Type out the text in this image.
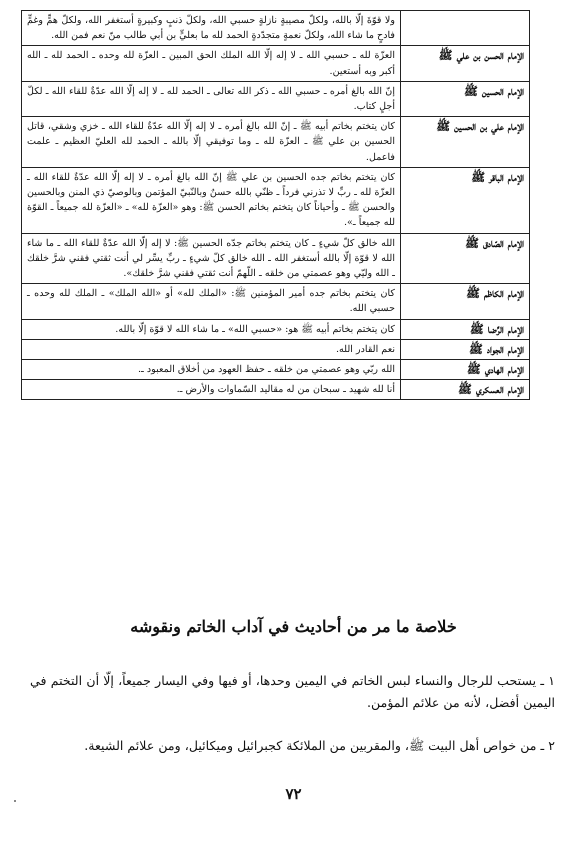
	ولا قوّةَ إلّا بالله، ولكلّ مصيبةٍ نازلةٍ حسبي الله، ولكلّ ذنبٍ وكبيرةٍ أستغفر الله، ولكلّ همٍّ وغمٍّ فادحٍ ما شاء الله، ولكلّ نعمةٍ متجدّدةٍ الحمد لله ما بعليٍّ بن أبي طالب منّ نعم فمن الله.
الإمام الحسن بن علي ﷺ	العزّة لله ـ حسبي الله ـ لا إله إلّا الله الملك الحق المبين ـ العزّة لله وحده ـ الحمد لله ـ الله أكبر وبه أستعين.
الإمام الحسين ﷺ	إنّ الله بالغ أمره ـ حسبي الله ـ ذكر الله تعالى ـ الحمد لله ـ لا إله إلّا الله عدّةٌ للقاء الله ـ لكلّ أجلٍ كتاب.
الإمام علي بن الحسين ﷺ	كان يتختم بخاتم أبيه ﷺ ـ إنّ الله بالغ أمره ـ لا إله إلّا الله عدّةٌ للقاء الله ـ خزي وشقي، قاتل الحسين بن علي ﷺ ـ العزّة لله ـ وما توفيقي إلّا بالله ـ الحمد لله العليّ العظيم ـ علمت فاعمل.
الإمام الباقر ﷺ	كان يتختم بخاتم جده الحسين بن علي ﷺ إنّ الله بالغ أمره ـ لا إله إلّا الله عدّةٌ للقاء الله ـ العزّة لله ـ ربِّ لا تذرني فرداً ـ ظنّي بالله حسنٌ وبالنّبيّ المؤتمن وبالوصيّ ذي المنن وبالحسين والحسن ﷺ ـ وأحياناً كان يتختم بخاتم الحسن ﷺ: وهو «العزّة لله» ـ «العزّة لله جميعاً ـ القوّة لله جميعاً ـ».
الإمام الصّادق ﷺ	الله خالق كلّ شيءٍ ـ كان يتختم بخاتم جدّه الحسين ﷺ: لا إله إلّا الله عدّةٌ للقاء الله ـ ما شاء الله لا قوّة إلّا بالله أستغفر الله ـ الله خالق كلّ شيءٍ ـ ربِّ يسِّر لي أنت ثقتي فقني شرَّ خلقك ـ الله وليّي وهو عصمتي من خلقه ـ اللّهمّ أنت ثقتي فقني شرَّ خلقك».
الإمام الكاظم ﷺ	كان يتختم بخاتم جده أمير المؤمنين ﷺ: «الملك لله» أو «الله الملك» ـ الملك لله وحده ـ حسبي الله.
الإمام الرِّضا ﷺ	كان يتختم بخاتم أبيه ﷺ هو: «حسبي الله» ـ ما شاء الله لا قوّة إلّا بالله.
الإمام الجواد ﷺ	نعم القادر الله.
الإمام الهادي ﷺ	الله ربّي وهو عصمتي من خلقه ـ حفظ العهود من أخلاق المعبود ـ.
الإمام العسكري ﷺ	أنا لله شهيد ـ سبحان من له مقاليد السّماوات والأرض ـ.
خلاصة ما مر من أحاديث في آداب الخاتم ونقوشه

١ ـ يستحب للرجال والنساء لبس الخاتم في اليمين وحدها، أو فيها وفي اليسار جميعاً، إلّا أن التختم في اليمين أفضل، لأنه من علائم المؤمن.

٢ ـ من خواص أهل البيت ﷺ، والمقربين من الملائكة كجبرائيل وميكائيل، ومن علائم الشيعة.

٧٢
